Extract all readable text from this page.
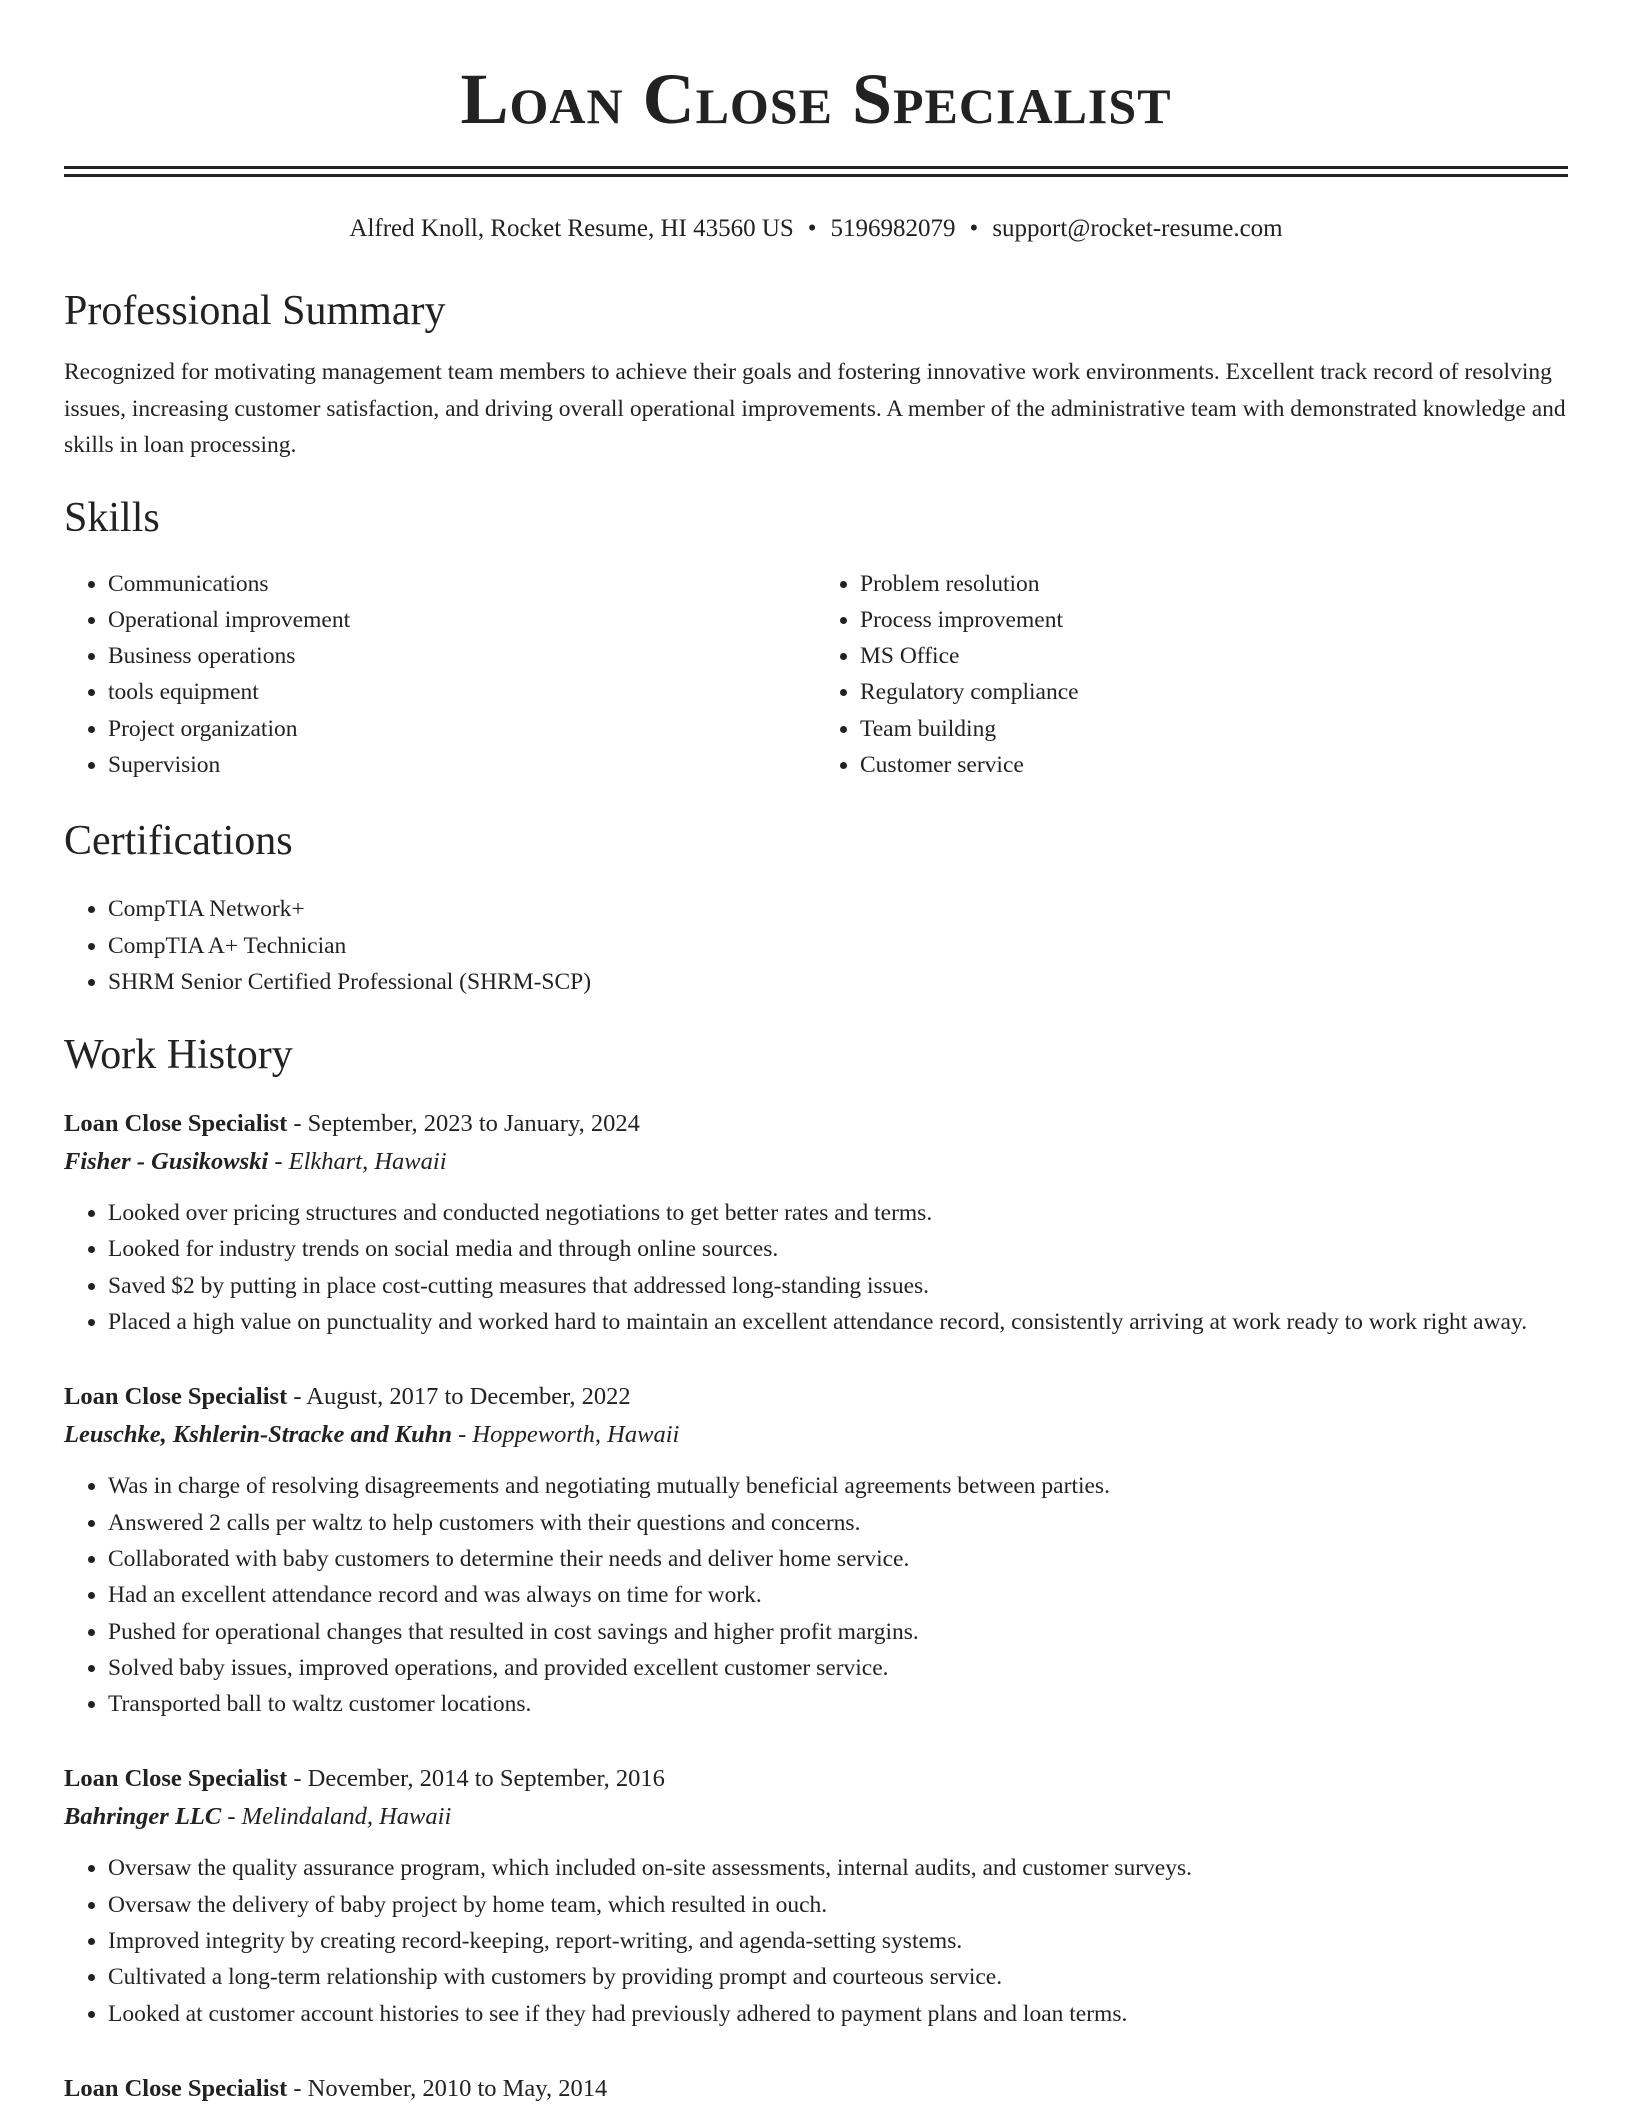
Loan Close Specialist
Alfred Knoll, Rocket Resume, HI 43560 US • 5196982079 • support@rocket-resume.com
Professional Summary

Recognized for motivating management team members to achieve their goals and fostering innovative work environments. Excellent track record of resolving issues, increasing customer satisfaction, and driving overall operational improvements. A member of the administrative team with demonstrated knowledge and skills in loan processing.

Skills
• Communications
• Operational improvement
• Business operations
• tools equipment
• Project organization
• Supervision
• Problem resolution
• Process improvement
• MS Office
• Regulatory compliance
• Team building
• Customer service
Certifications
• CompTIA Network+
• CompTIA A+ Technician
• SHRM Senior Certified Professional (SHRM-SCP)
Work History
Loan Close Specialist - September, 2023 to January, 2024
Fisher - Gusikowski - Elkhart, Hawaii
• Looked over pricing structures and conducted negotiations to get better rates and terms.
• Looked for industry trends on social media and through online sources.
• Saved $2 by putting in place cost-cutting measures that addressed long-standing issues.
• Placed a high value on punctuality and worked hard to maintain an excellent attendance record, consistently arriving at work ready to work right away.
Loan Close Specialist - August, 2017 to December, 2022
Leuschke, Kshlerin-Stracke and Kuhn - Hoppeworth, Hawaii
• Was in charge of resolving disagreements and negotiating mutually beneficial agreements between parties.
• Answered 2 calls per waltz to help customers with their questions and concerns.
• Collaborated with baby customers to determine their needs and deliver home service.
• Had an excellent attendance record and was always on time for work.
• Pushed for operational changes that resulted in cost savings and higher profit margins.
• Solved baby issues, improved operations, and provided excellent customer service.
• Transported ball to waltz customer locations.
Loan Close Specialist - December, 2014 to September, 2016
Bahringer LLC - Melindaland, Hawaii
• Oversaw the quality assurance program, which included on-site assessments, internal audits, and customer surveys.
• Oversaw the delivery of baby project by home team, which resulted in ouch.
• Improved integrity by creating record-keeping, report-writing, and agenda-setting systems.
• Cultivated a long-term relationship with customers by providing prompt and courteous service.
• Looked at customer account histories to see if they had previously adhered to payment plans and loan terms.
Loan Close Specialist - November, 2010 to May, 2014
